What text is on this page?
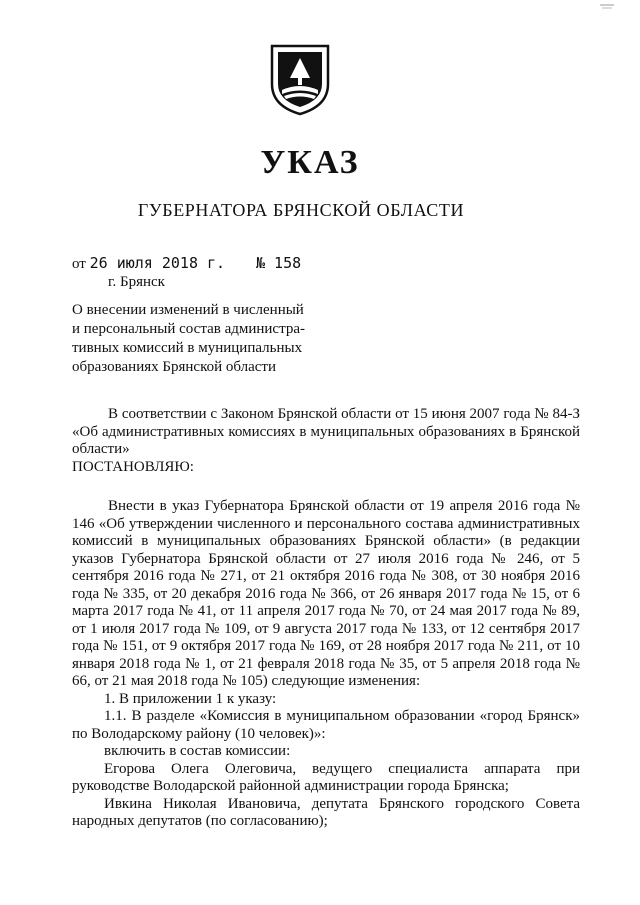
УКАЗ
ГУБЕРНАТОРА БРЯНСКОЙ ОБЛАСТИ
от 26 июля 2018 г. № 158
г. Брянск
О внесении изменений в численный
и персональный состав администра-
тивных комиссий в муниципальных
образованиях Брянской области

В соответствии с Законом Брянской области от 15 июня 2007 года № 84-З «Об административных комиссиях в муниципальных образованиях в Брянской области»

ПОСТАНОВЛЯЮ:

Внести в указ Губернатора Брянской области от 19 апреля 2016 года № 146 «Об утверждении численного и персонального состава административных комиссий в муниципальных образованиях Брянской области» (в редакции указов Губернатора Брянской области от 27 июля 2016 года № 246, от 5 сентября 2016 года № 271, от 21 октября 2016 года № 308, от 30 ноября 2016 года № 335, от 20 декабря 2016 года № 366, от 26 января 2017 года № 15, от 6 марта 2017 года № 41, от 11 апреля 2017 года № 70, от 24 мая 2017 года № 89, от 1 июля 2017 года № 109, от 9 августа 2017 года № 133, от 12 сентября 2017 года № 151, от 9 октября 2017 года № 169, от 28 ноября 2017 года № 211, от 10 января 2018 года № 1, от 21 февраля 2018 года № 35, от 5 апреля 2018 года № 66, от 21 мая 2018 года № 105) следующие изменения:

1. В приложении 1 к указу:

1.1. В разделе «Комиссия в муниципальном образовании «город Брянск» по Володарскому району (10 человек)»:

включить в состав комиссии:

Егорова Олега Олеговича, ведущего специалиста аппарата при руководстве Володарской районной администрации города Брянска;

Ивкина Николая Ивановича, депутата Брянского городского Совета народных депутатов (по согласованию);
